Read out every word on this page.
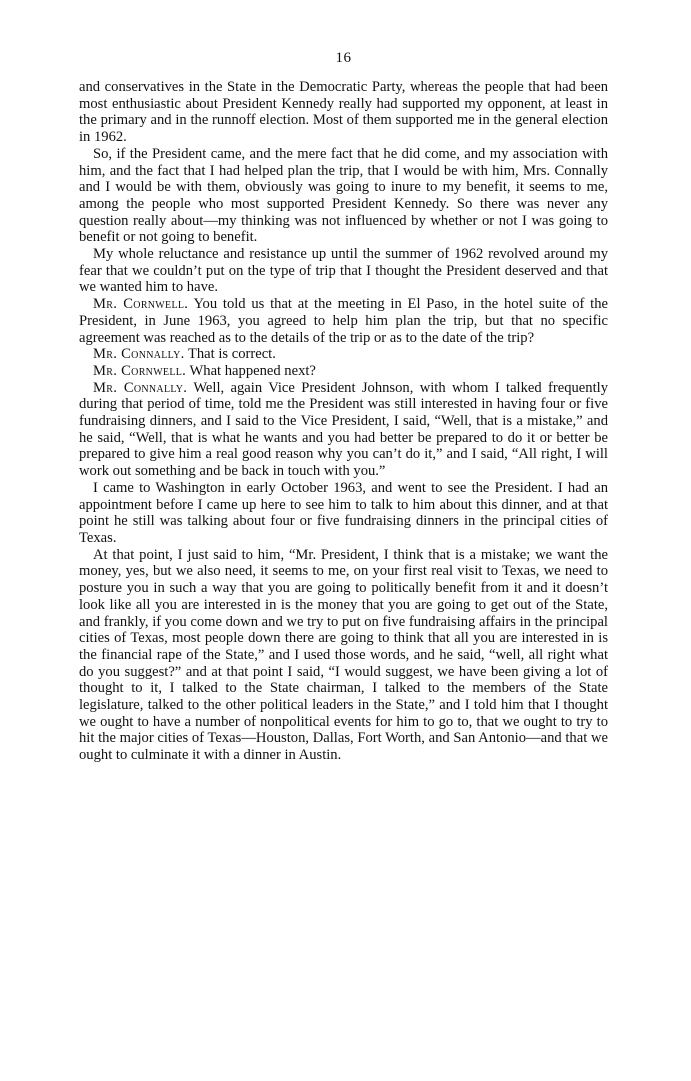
16

and conservatives in the State in the Democratic Party, whereas the people that had been most enthusiastic about President Kennedy really had supported my opponent, at least in the primary and in the runnoff election. Most of them supported me in the general election in 1962.

So, if the President came, and the mere fact that he did come, and my association with him, and the fact that I had helped plan the trip, that I would be with him, Mrs. Connally and I would be with them, obviously was going to inure to my benefit, it seems to me, among the people who most supported President Kennedy. So there was never any question really about—my thinking was not influenced by whether or not I was going to benefit or not going to benefit.

My whole reluctance and resistance up until the summer of 1962 revolved around my fear that we couldn’t put on the type of trip that I thought the President deserved and that we wanted him to have.

Mr. Cornwell. You told us that at the meeting in El Paso, in the hotel suite of the President, in June 1963, you agreed to help him plan the trip, but that no specific agreement was reached as to the details of the trip or as to the date of the trip?

Mr. Connally. That is correct.

Mr. Cornwell. What happened next?

Mr. Connally. Well, again Vice President Johnson, with whom I talked frequently during that period of time, told me the President was still interested in having four or five fundraising dinners, and I said to the Vice President, I said, “Well, that is a mistake,” and he said, “Well, that is what he wants and you had better be prepared to do it or better be prepared to give him a real good reason why you can’t do it,” and I said, “All right, I will work out something and be back in touch with you.”

I came to Washington in early October 1963, and went to see the President. I had an appointment before I came up here to see him to talk to him about this dinner, and at that point he still was talking about four or five fundraising dinners in the principal cities of Texas.

At that point, I just said to him, “Mr. President, I think that is a mistake; we want the money, yes, but we also need, it seems to me, on your first real visit to Texas, we need to posture you in such a way that you are going to politically benefit from it and it doesn’t look like all you are interested in is the money that you are going to get out of the State, and frankly, if you come down and we try to put on five fundraising affairs in the principal cities of Texas, most people down there are going to think that all you are interested in is the financial rape of the State,” and I used those words, and he said, “well, all right what do you suggest?” and at that point I said, “I would suggest, we have been giving a lot of thought to it, I talked to the State chairman, I talked to the members of the State legislature, talked to the other political leaders in the State,” and I told him that I thought we ought to have a number of nonpolitical events for him to go to, that we ought to try to hit the major cities of Texas—Houston, Dallas, Fort Worth, and San Antonio—and that we ought to culminate it with a dinner in Austin.
